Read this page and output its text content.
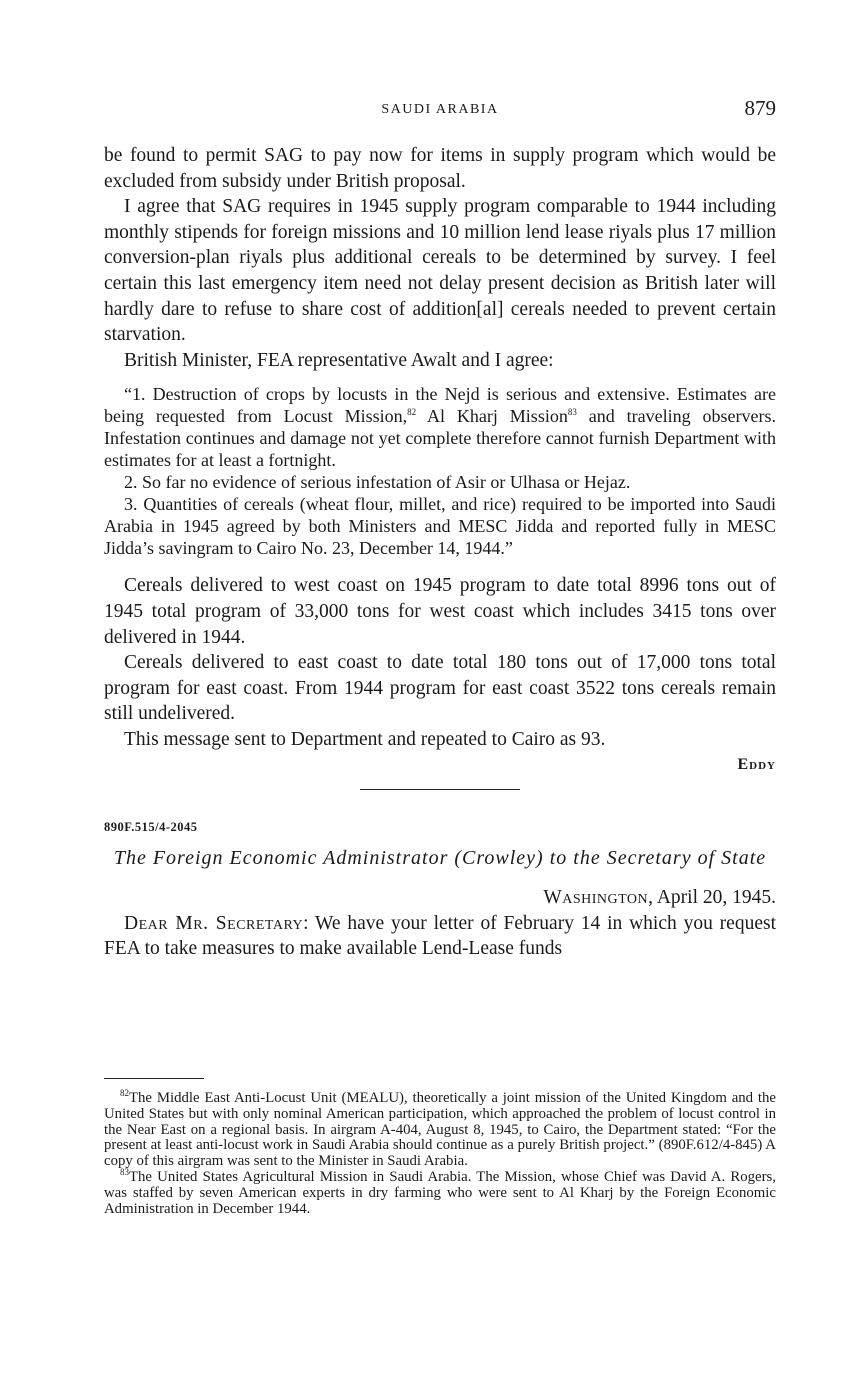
SAUDI ARABIA	879

be found to permit SAG to pay now for items in supply program which would be excluded from subsidy under British proposal.

I agree that SAG requires in 1945 supply program comparable to 1944 including monthly stipends for foreign missions and 10 million lend lease riyals plus 17 million conversion-plan riyals plus additional cereals to be determined by survey. I feel certain this last emergency item need not delay present decision as British later will hardly dare to refuse to share cost of addition[al] cereals needed to prevent certain starvation.

British Minister, FEA representative Awalt and I agree:

“1. Destruction of crops by locusts in the Nejd is serious and extensive. Estimates are being requested from Locust Mission,$^{82}$ Al Kharj Mission$^{83}$ and traveling observers. Infestation continues and damage not yet complete therefore cannot furnish Department with estimates for at least a fortnight.

2. So far no evidence of serious infestation of Asir or Ulhasa or Hejaz.

3. Quantities of cereals (wheat flour, millet, and rice) required to be imported into Saudi Arabia in 1945 agreed by both Ministers and MESC Jidda and reported fully in MESC Jidda’s savingram to Cairo No. 23, December 14, 1944.”

Cereals delivered to west coast on 1945 program to date total 8996 tons out of 1945 total program of 33,000 tons for west coast which includes 3415 tons over delivered in 1944.

Cereals delivered to east coast to date total 180 tons out of 17,000 tons total program for east coast. From 1944 program for east coast 3522 tons cereals remain still undelivered.

This message sent to Department and repeated to Cairo as 93.

Eddy
890F.515/4-2045
The Foreign Economic Administrator (Crowley) to the Secretary of State
Washington, April 20, 1945.

Dear Mr. Secretary: We have your letter of February 14 in which you request FEA to take measures to make available Lend-Lease funds

$^{82}$The Middle East Anti-Locust Unit (MEALU), theoretically a joint mission of the United Kingdom and the United States but with only nominal American participation, which approached the problem of locust control in the Near East on a regional basis. In airgram A-404, August 8, 1945, to Cairo, the Department stated: “For the present at least anti-locust work in Saudi Arabia should continue as a purely British project.” (890F.612/4-845) A copy of this airgram was sent to the Minister in Saudi Arabia.

$^{83}$The United States Agricultural Mission in Saudi Arabia. The Mission, whose Chief was David A. Rogers, was staffed by seven American experts in dry farming who were sent to Al Kharj by the Foreign Economic Administration in December 1944.
